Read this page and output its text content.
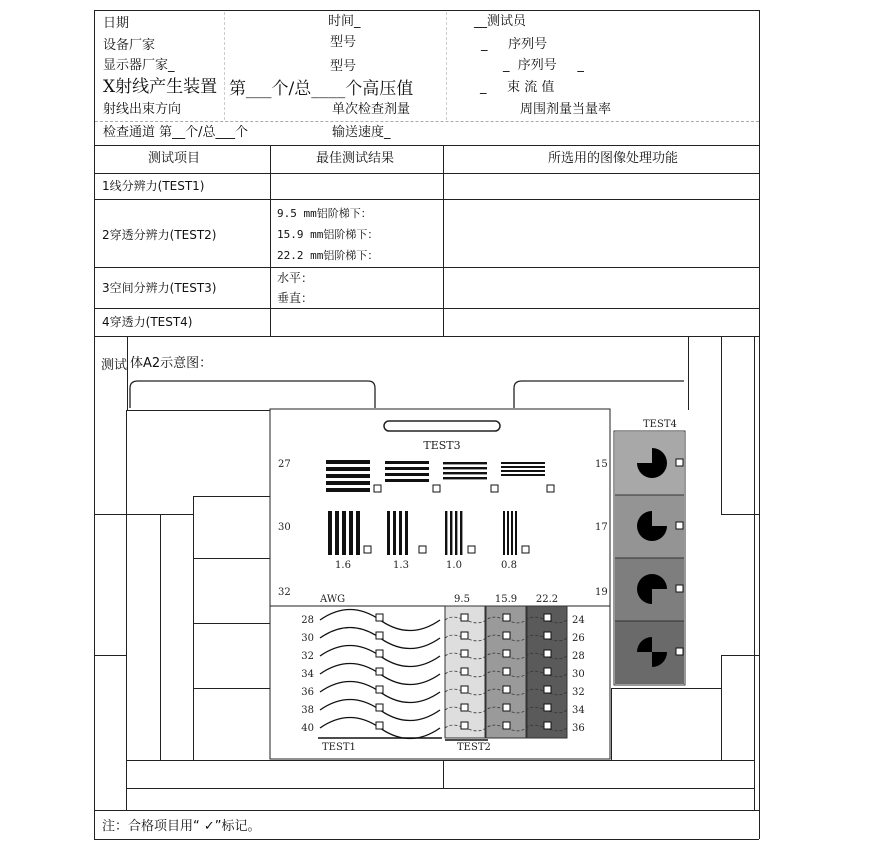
日期	时间_	__测试员
设备厂家	型号	_     序列号
显示器厂家_	型号	_  序列号     _
X射线产生装置 第___个/总____个高压值	_     束 流 值
射线出束方向	单次检查剂量	周围剂量当量率
检查通道 第__个/总___个	输送速度_
测试项目	最佳测试结果	所选用的图像处理功能
1线分辨力(TEST1)
2穿透分辨力(TEST2)
9.5 mm铝阶梯下：
15.9 mm铝阶梯下：
22.2 mm铝阶梯下：
3空间分辨力(TEST3)
水平：
垂直：
4穿透力(TEST4)
测试 体A2示意图：
TEST3
27
30
32
15
17
19
1.6	1.3	1.0	0.8
AWG
28
30
32
34
36
38
40
TEST1
9.5 15.9 22.2
24
26
28
30
32
34
36
TEST2
TEST4
注：合格项目用“ ✓”标记。
